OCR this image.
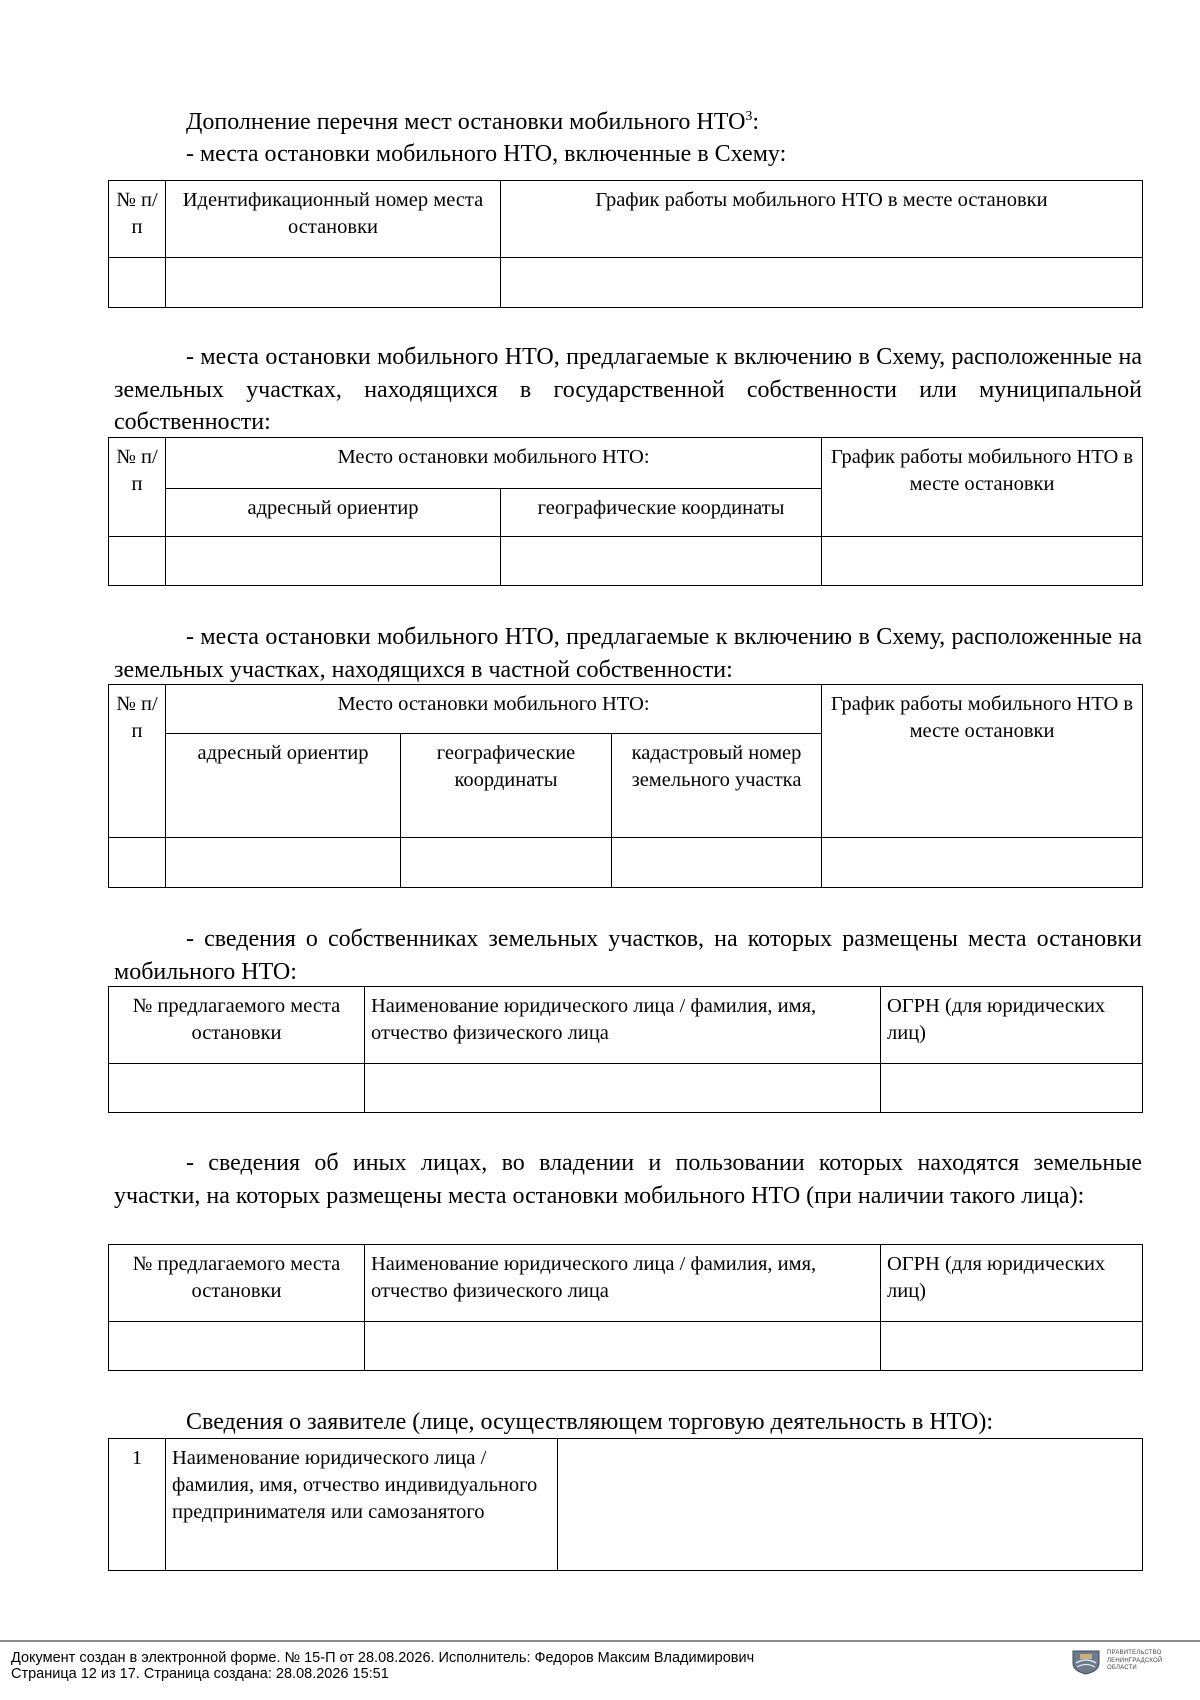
Дополнение перечня мест остановки мобильного НТО$^3$:

- места остановки мобильного НТО, включенные в Схему:

№ п/п	Идентификационный номер места остановки	График работы мобильного НТО в месте остановки

- места остановки мобильного НТО, предлагаемые к включению в Схему, расположенные на земельных участках, находящихся в государственной собственности или муниципальной собственности:

№ п/п	Место остановки мобильного НТО:		График работы мобильного НТО в месте остановки
	адресный ориентир	географические координаты	

- места остановки мобильного НТО, предлагаемые к включению в Схему, расположенные на земельных участках, находящихся в частной собственности:

№ п/п	Место остановки мобильного НТО:			График работы мобильного НТО в месте остановки
	адресный ориентир	географические координаты	кадастровый номер земельного участка	

- сведения о собственниках земельных участков, на которых размещены места остановки мобильного НТО:

№ предлагаемого места остановки	Наименование юридического лица / фамилия, имя, отчество физического лица	ОГРН (для юридических лиц)

- сведения об иных лицах, во владении и пользовании которых находятся земельные участки, на которых размещены места остановки мобильного НТО (при наличии такого лица):

№ предлагаемого места остановки	Наименование юридического лица / фамилия, имя, отчество физического лица	ОГРН (для юридических лиц)

Сведения о заявителе (лице, осуществляющем торговую деятельность в НТО):

1	Наименование юридического лица / фамилия, имя, отчество индивидуального предпринимателя или самозанятого	
Документ создан в электронной форме. № 15-П от 28.08.2026. Исполнитель: Федоров Максим Владимирович
Страница 12 из 17. Страница создана: 28.08.2026 15:51
ПРАВИТЕЛЬСТВО
ЛЕНИНГРАДСКОЙ
ОБЛАСТИ
